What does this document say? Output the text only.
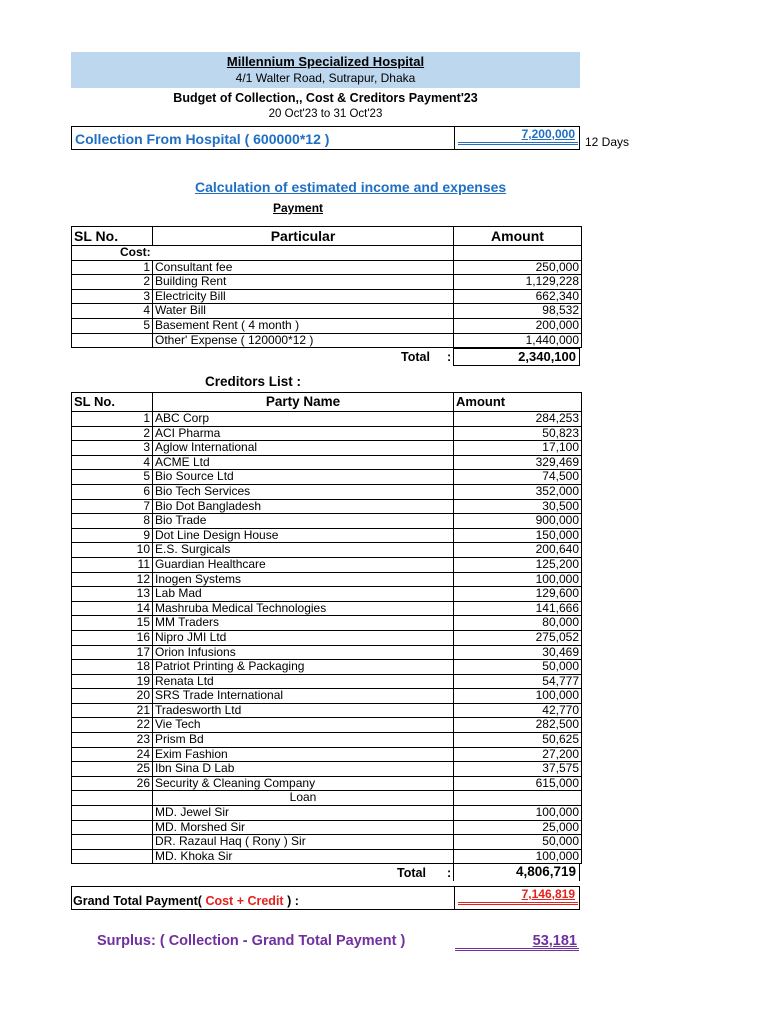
Millennium Specialized Hospital
4/1 Walter Road, Sutrapur, Dhaka
Budget of Collection,, Cost & Creditors Payment'23
20 Oct'23 to 31 Oct'23
Collection From Hospital ( 600000*12 )	7,200,000
12 Days
Calculation of estimated income and expenses
Payment
SL No.	Particular	Amount
Cost:		
1	Consultant fee	250,000
2	Building Rent	1,129,228
3	Electricity Bill	662,340
4	Water Bill	98,532
5	Basement Rent ( 4 month )	200,000
	Other' Expense ( 120000*12 )	1,440,000
Total :	2,340,100
Creditors List :
SL No.	Party Name	Amount
1	ABC Corp	284,253
2	ACI Pharma	50,823
3	Aglow International	17,100
4	ACME Ltd	329,469
5	Bio Source Ltd	74,500
6	Bio Tech Services	352,000
7	Bio Dot Bangladesh	30,500
8	Bio Trade	900,000
9	Dot Line Design House	150,000
10	E.S. Surgicals	200,640
11	Guardian Healthcare	125,200
12	Inogen Systems	100,000
13	Lab Mad	129,600
14	Mashruba Medical Technologies	141,666
15	MM Traders	80,000
16	Nipro JMI Ltd	275,052
17	Orion Infusions	30,469
18	Patriot Printing & Packaging	50,000
19	Renata Ltd	54,777
20	SRS Trade International	100,000
21	Tradesworth Ltd	42,770
22	Vie Tech	282,500
23	Prism Bd	50,625
24	Exim Fashion	27,200
25	Ibn Sina D Lab	37,575
26	Security & Cleaning Company	615,000
	Loan	
	MD. Jewel Sir	100,000
	MD. Morshed Sir	25,000
	DR. Razaul Haq ( Rony ) Sir	50,000
	MD. Khoka Sir	100,000
Total :	4,806,719
Grand Total Payment( Cost + Credit ) :	7,146,819
Surplus: ( Collection - Grand Total Payment )	53,181
